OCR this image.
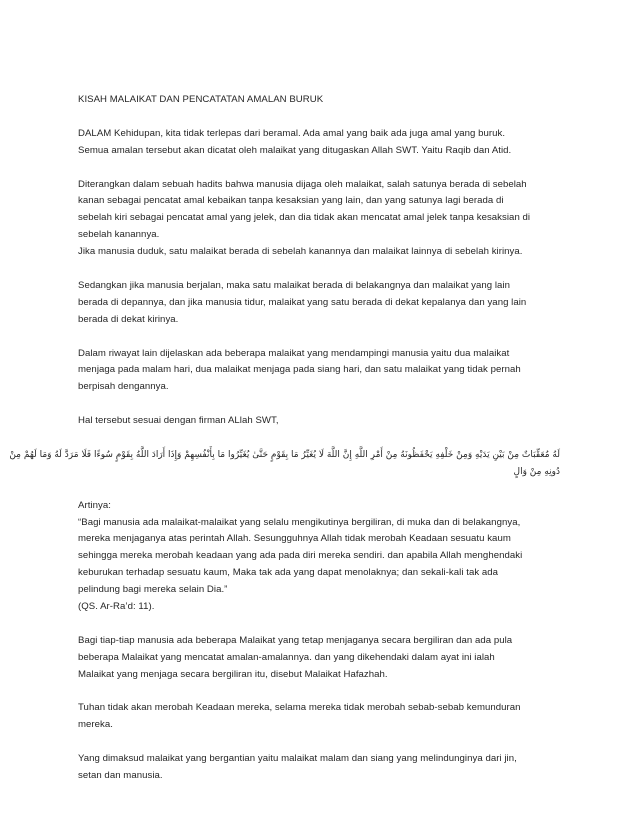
KISAH MALAIKAT DAN PENCATATAN AMALAN BURUK

DALAM Kehidupan, kita tidak terlepas dari beramal. Ada amal yang baik ada juga amal yang buruk.
Semua amalan tersebut akan dicatat oleh malaikat yang ditugaskan Allah SWT. Yaitu Raqib dan Atid.

Diterangkan dalam sebuah hadits bahwa manusia dijaga oleh malaikat, salah satunya berada di sebelah
kanan sebagai pencatat amal kebaikan tanpa kesaksian yang lain, dan yang satunya lagi berada di
sebelah kiri sebagai pencatat amal yang jelek, dan dia tidak akan mencatat amal jelek tanpa kesaksian di
sebelah kanannya.
Jika manusia duduk, satu malaikat berada di sebelah kanannya dan malaikat lainnya di sebelah kirinya.

Sedangkan jika manusia berjalan, maka satu malaikat berada di belakangnya dan malaikat yang lain
berada di depannya, dan jika manusia tidur, malaikat yang satu berada di dekat kepalanya dan yang lain
berada di dekat kirinya.

Dalam riwayat lain dijelaskan ada beberapa malaikat yang mendampingi manusia yaitu dua malaikat
menjaga pada malam hari, dua malaikat menjaga pada siang hari, dan satu malaikat yang tidak pernah
berpisah dengannya.

Hal tersebut sesuai dengan firman ALlah SWT,

لَهُ مُعَقِّبَاتٌ مِنْ بَيْنِ يَدَيْهِ وَمِنْ خَلْفِهِ يَحْفَظُونَهُ مِنْ أَمْرِ اللَّهِ إِنَّ اللَّهَ لَا يُغَيِّرُ مَا بِقَوْمٍ حَتَّىٰ يُغَيِّرُوا مَا بِأَنْفُسِهِمْ وَإِذَا أَرَادَ اللَّهُ بِقَوْمٍ سُوءًا فَلَا مَرَدَّ لَهُ وَمَا لَهُمْ مِنْ
دُونِهِ مِنْ وَالٍ

Artinya:
“Bagi manusia ada malaikat-malaikat yang selalu mengikutinya bergiliran, di muka dan di belakangnya,
mereka menjaganya atas perintah Allah. Sesungguhnya Allah tidak merobah Keadaan sesuatu kaum
sehingga mereka merobah keadaan yang ada pada diri mereka sendiri. dan apabila Allah menghendaki
keburukan terhadap sesuatu kaum, Maka tak ada yang dapat menolaknya; dan sekali-kali tak ada
pelindung bagi mereka selain Dia.”
(QS. Ar-Ra’d: 11).

Bagi tiap-tiap manusia ada beberapa Malaikat yang tetap menjaganya secara bergiliran dan ada pula
beberapa Malaikat yang mencatat amalan-amalannya. dan yang dikehendaki dalam ayat ini ialah
Malaikat yang menjaga secara bergiliran itu, disebut Malaikat Hafazhah.

Tuhan tidak akan merobah Keadaan mereka, selama mereka tidak merobah sebab-sebab kemunduran
mereka.

Yang dimaksud malaikat yang bergantian yaitu malaikat malam dan siang yang melindunginya dari jin,
setan dan manusia.
